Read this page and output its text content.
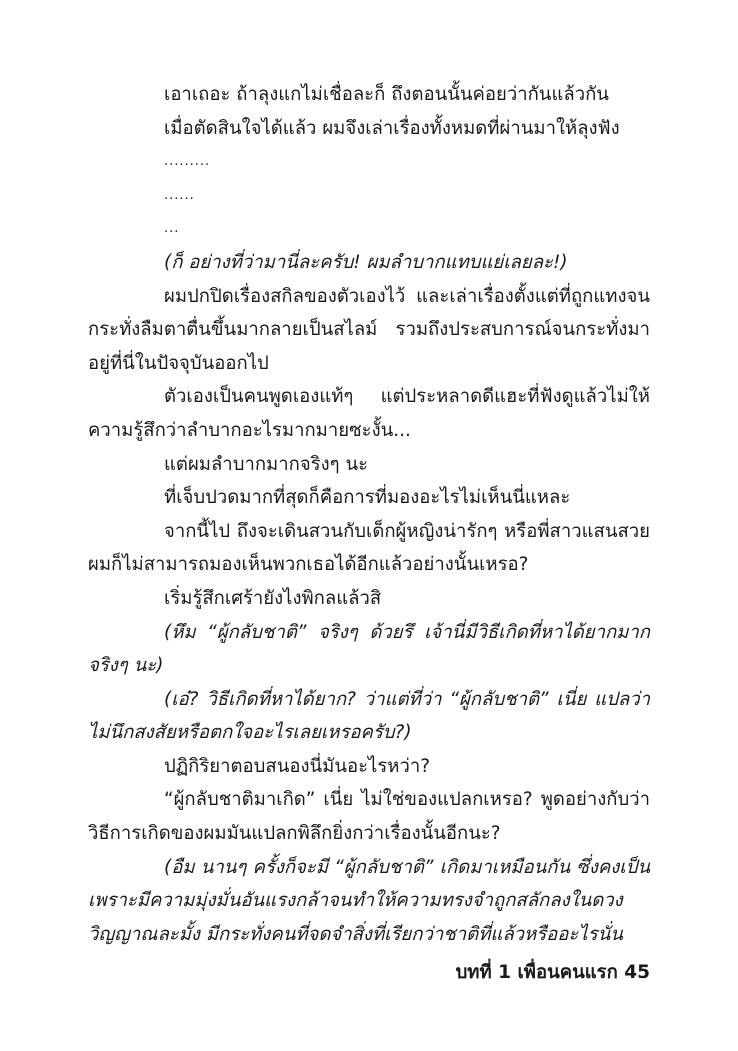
เอาเถอะ ถ้าลุงแกไม่เชื่อละก็ ถึงตอนนั้นค่อยว่ากันแล้วกัน

เมื่อตัดสินใจได้แล้ว ผมจึงเล่าเรื่องทั้งหมดที่ผ่านมาให้ลุงฟัง

.........

......

...

(ก็ อย่างที่ว่ามานี่ละครับ! ผมลำบากแทบแย่เลยละ!)

ผมปกปิดเรื่องสกิลของตัวเองไว้ และเล่าเรื่องตั้งแต่ที่ถูกแทงจนกระทั่งลืมตาตื่นขึ้นมากลายเป็นสไลม์ รวมถึงประสบการณ์จนกระทั่งมาอยู่ที่นี่ในปัจจุบันออกไป

ตัวเองเป็นคนพูดเองแท้ๆ แต่ประหลาดดีแฮะที่ฟังดูแล้วไม่ให้ความรู้สึกว่าลำบากอะไรมากมายซะงั้น...

แต่ผมลำบากมากจริงๆ นะ

ที่เจ็บปวดมากที่สุดก็คือการที่มองอะไรไม่เห็นนี่แหละ

จากนี้ไป ถึงจะเดินสวนกับเด็กผู้หญิงน่ารักๆ หรือพี่สาวแสนสวยผมก็ไม่สามารถมองเห็นพวกเธอได้อีกแล้วอย่างนั้นเหรอ?

เริ่มรู้สึกเศร้ายังไงพิกลแล้วสิ

(หึม “ผู้กลับชาติ” จริงๆ ด้วยรึ เจ้านี่มีวิธีเกิดที่หาได้ยากมากจริงๆ นะ)

(เอ๋? วิธีเกิดที่หาได้ยาก? ว่าแต่ที่ว่า “ผู้กลับชาติ” เนี่ย แปลว่าไม่นึกสงสัยหรือตกใจอะไรเลยเหรอครับ?)

ปฏิกิริยาตอบสนองนี่มันอะไรหว่า?

“ผู้กลับชาติมาเกิด” เนี่ย ไม่ใช่ของแปลกเหรอ? พูดอย่างกับว่าวิธีการเกิดของผมมันแปลกพิลึกยิ่งกว่าเรื่องนั้นอีกนะ?

(อืม นานๆ ครั้งก็จะมี “ผู้กลับชาติ” เกิดมาเหมือนกัน ซึ่งคงเป็นเพราะมีความมุ่งมั่นอันแรงกล้าจนทำให้ความทรงจำถูกสลักลงในดวงวิญญาณละมั้ง มีกระทั่งคนที่จดจำสิ่งที่เรียกว่าชาติที่แล้วหรืออะไรนั่น

บทที่ 1 เพื่อนคนแรก 45
